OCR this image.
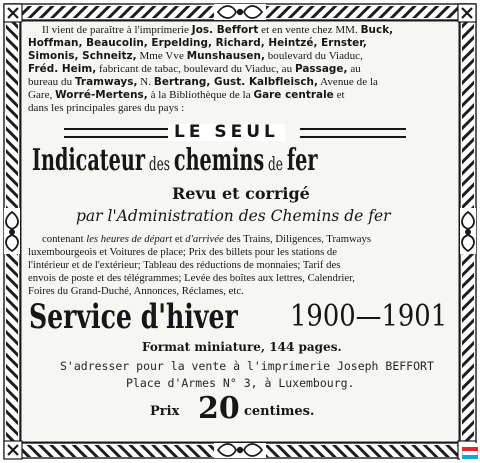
Il vient de paraître à l'imprimerie Jos. Beffort et en vente chez MM. Buck,
Hoffman, Beaucolin, Erpelding, Richard, Heintzé, Ernster,
Simonis, Schneitz, Mme Vve Munshausen, boulevard du Viaduc,
Fréd. Heim, fabricant de tabac, boulevard du Viaduc, au Passage, au
bureau du Tramways, N. Bertrang, Gust. Kalbfleisch, Avenue de la
Gare, Worré-Mertens, à la Bibliothèque de la Gare centrale et
dans les principales gares du pays :
LE SEUL
Indicateur des chemins de fer
Revu et corrigé
par l'Administration des Chemins de fer
contenant les heures de départ et d'arrivée des Trains, Diligences, Tramways
luxembourgeois et Voitures de place; Prix des billets pour les stations de
l'intérieur et de l'extérieur; Tableau des réductions de monnaies; Tarif des
envois de poste et des télégrammes; Levée des boîtes aux lettres, Calendrier,
Foires du Grand-Duché, Annonces, Réclames, etc.
Service d'hiver 1900—1901
Format miniature, 144 pages.
S'adresser pour la vente à l'imprimerie Joseph BEFFORT
Place d'Armes N° 3, à Luxembourg.
Prix 20 centimes.
